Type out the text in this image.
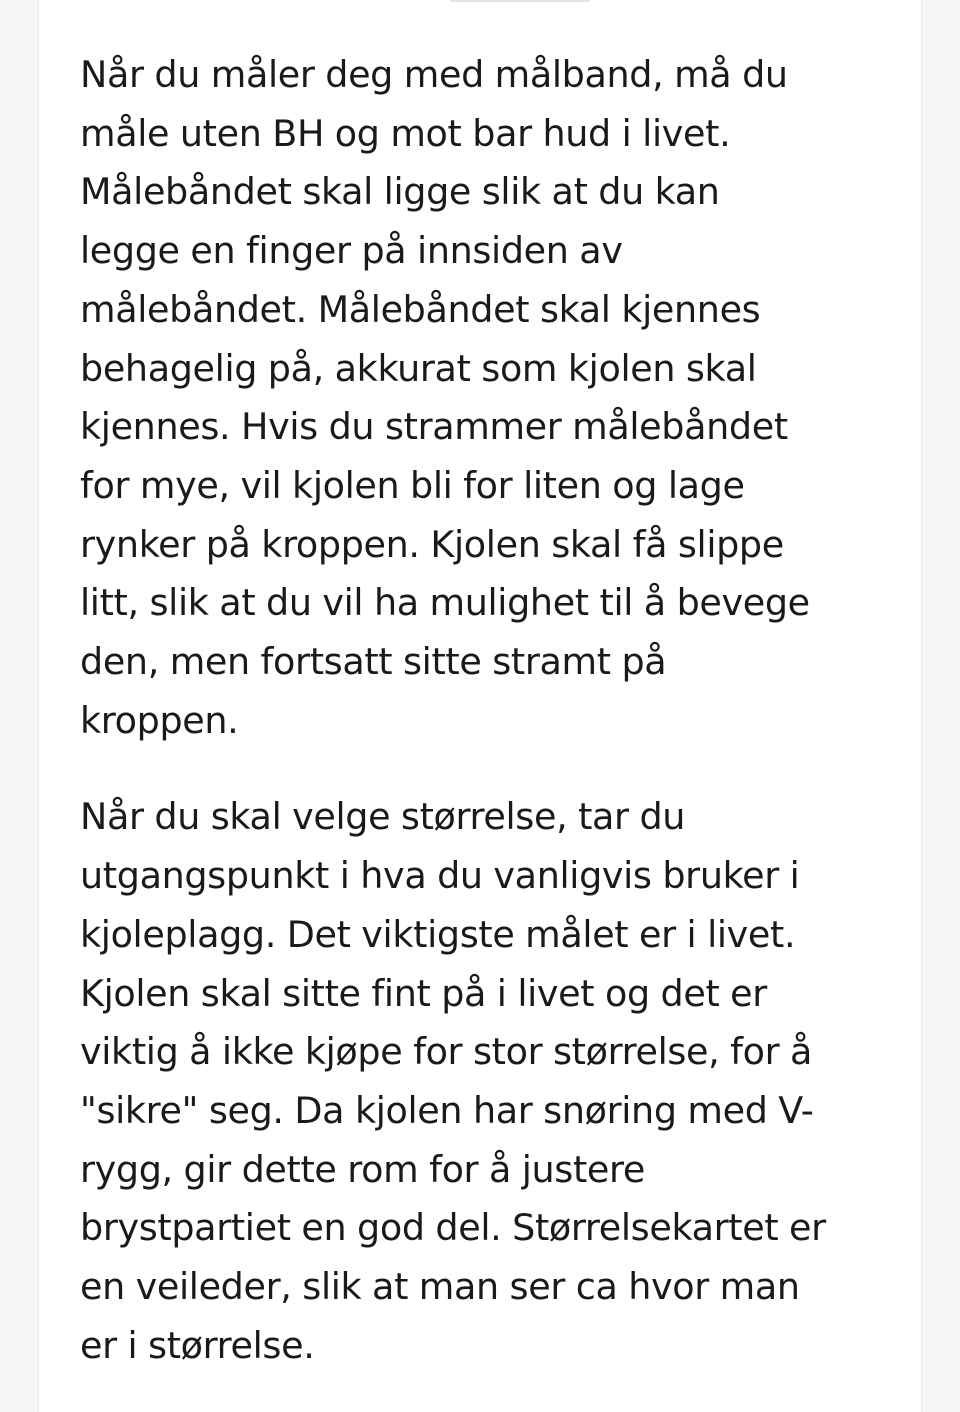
Når du måler deg med målband, må du
måle uten BH og mot bar hud i livet.
Målebåndet skal ligge slik at du kan
legge en finger på innsiden av
målebåndet. Målebåndet skal kjennes
behagelig på, akkurat som kjolen skal
kjennes. Hvis du strammer målebåndet
for mye, vil kjolen bli for liten og lage
rynker på kroppen. Kjolen skal få slippe
litt, slik at du vil ha mulighet til å bevege
den, men fortsatt sitte stramt på
kroppen.

Når du skal velge størrelse, tar du
utgangspunkt i hva du vanligvis bruker i
kjoleplagg. Det viktigste målet er i livet.
Kjolen skal sitte fint på i livet og det er
viktig å ikke kjøpe for stor størrelse, for å
"sikre" seg. Da kjolen har snøring med V-
rygg, gir dette rom for å justere
brystpartiet en god del. Størrelsekartet er
en veileder, slik at man ser ca hvor man
er i størrelse.
